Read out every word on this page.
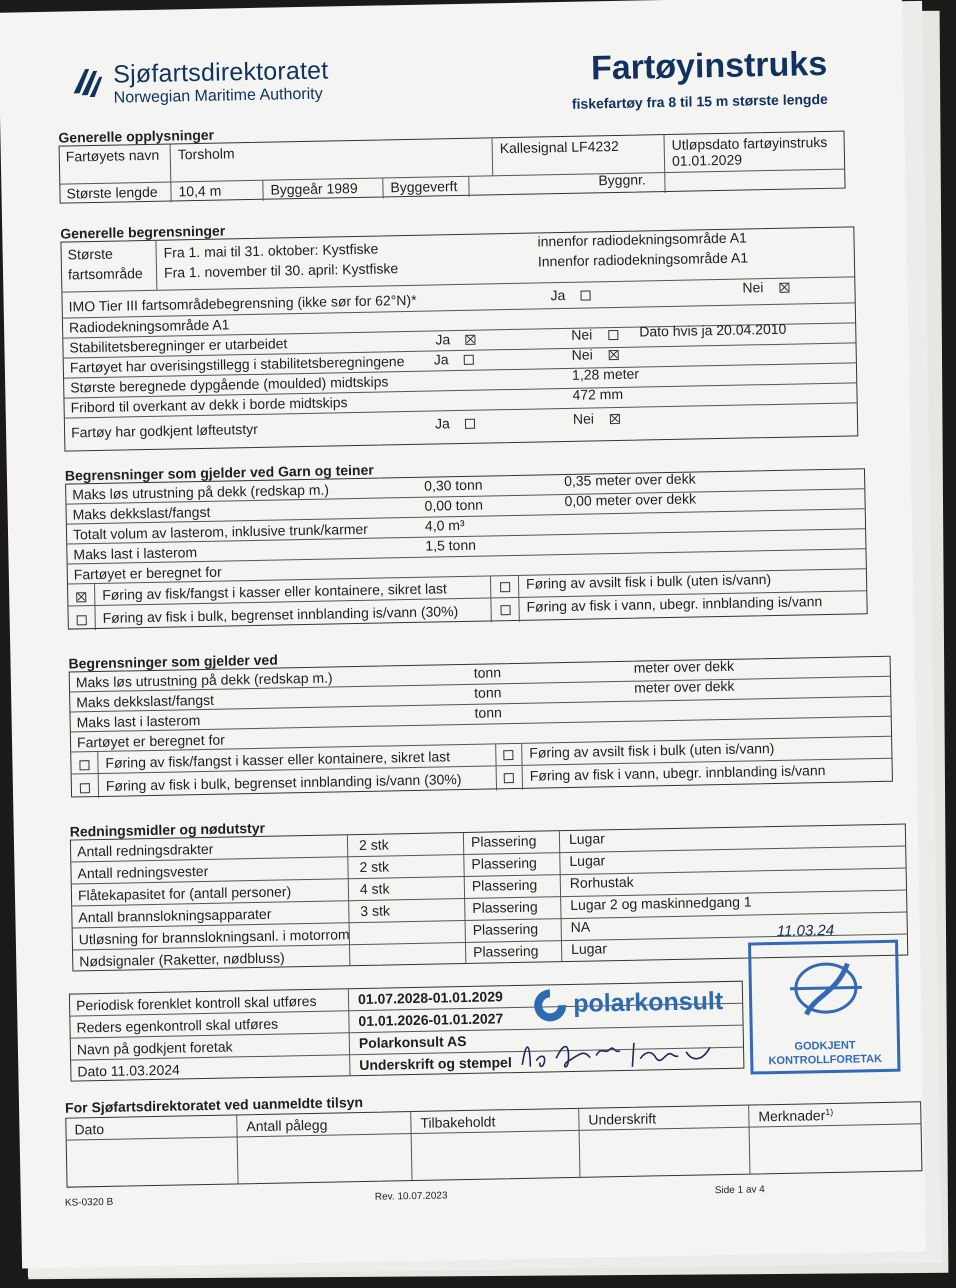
Sjøfartsdirektoratet
Norwegian Maritime Authority
Fartøyinstruks
fiskefartøy fra 8 til 15 m største lengde
Generelle opplysninger
Fartøyets navn Torsholm	Kallesignal LF4232	Utløpsdato fartøyinstruks
01.01.2029
Største lengde 10,4 m	Byggeår 1989 Byggeverft	Byggnr.
Generelle begrensninger
Største
fartsområde
Fra 1. mai til 31. oktober: Kystfiske
innenfor radiodekningsområde A1
Fra 1. november til 30. april: Kystfiske
Innenfor radiodekningsområde A1
IMO Tier III fartsområdebegrensning (ikke sør for 62°N)*	Ja	Nei
Radiodekningsområde A1
Stabilitetsberegninger er utarbeidet	Ja	Nei	Dato hvis ja 20.04.2010
Fartøyet har overisingstillegg i stabilitetsberegningene Ja	Nei
Største beregnede dypgående (moulded) midtskips	1,28 meter
Fribord til overkant av dekk i borde midtskips	472 mm
Fartøy har godkjent løfteutstyr	Ja	Nei
Begrensninger som gjelder ved Garn og teiner
Maks løs utrustning på dekk (redskap m.)	0,30 tonn	0,35 meter over dekk
Maks dekkslast/fangst	0,00 tonn	0,00 meter over dekk
Totalt volum av lasterom, inklusive trunk/karmer	4,0 m³
Maks last i lasterom	1,5 tonn
Fartøyet er beregnet for
Føring av fisk/fangst i kasser eller kontainere, sikret last	Føring av avsilt fisk i bulk (uten is/vann)
Føring av fisk i bulk, begrenset innblanding is/vann (30%)	Føring av fisk i vann, ubegr. innblanding is/vann
Begrensninger som gjelder ved
Maks løs utrustning på dekk (redskap m.)	tonn	meter over dekk
Maks dekkslast/fangst	tonn	meter over dekk
Maks last i lasterom	tonn
Fartøyet er beregnet for
Føring av fisk/fangst i kasser eller kontainere, sikret last	Føring av avsilt fisk i bulk (uten is/vann)
Føring av fisk i bulk, begrenset innblanding is/vann (30%)	Føring av fisk i vann, ubegr. innblanding is/vann
Redningsmidler og nødutstyr
Antall redningsdrakter	2 stk	Plassering Lugar
Antall redningsvester	2 stk	Plassering Lugar
Flåtekapasitet for (antall personer)	4 stk	Plassering Rorhustak
Antall brannslokningsapparater	3 stk	Plassering Lugar 2 og maskinnedgang 1
Utløsning for brannslokningsanl. i motorrom	Plassering NA
Nødsignaler (Raketter, nødbluss)	Plassering Lugar
Periodisk forenklet kontroll skal utføres	01.07.2028-01.01.2029
Reders egenkontroll skal utføres	01.01.2026-01.01.2027
Navn på godkjent foretak	Polarkonsult AS
Dato 11.03.2024	Underskrift og stempel
polarkonsult
11.03.24
GODKJENT
KONTROLLFORETAK
For Sjøfartsdirektoratet ved uanmeldte tilsyn
Dato	Antall pålegg	Tilbakeholdt	Underskrift	Merknader$^{1)}$
KS-0320 B	Rev. 10.07.2023
Side 1 av 4
